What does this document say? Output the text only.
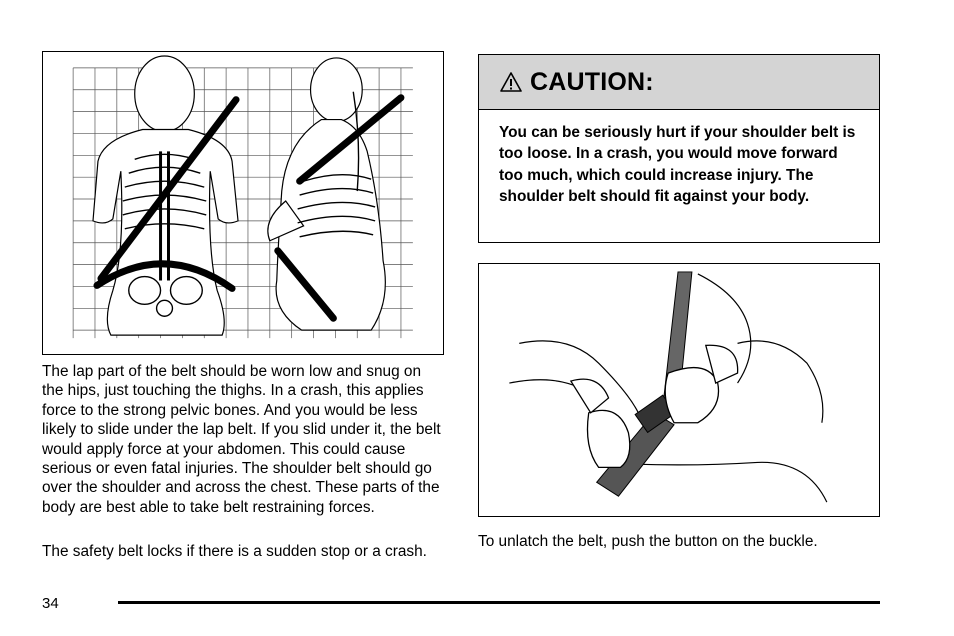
CAUTION:

You can be seriously hurt if your shoulder belt is too loose. In a crash, you would move forward too much, which could increase injury. The shoulder belt should fit against your body.

The lap part of the belt should be worn low and snug on the hips, just touching the thighs. In a crash, this applies force to the strong pelvic bones. And you would be less likely to slide under the lap belt. If you slid under it, the belt would apply force at your abdomen. This could cause serious or even fatal injuries. The shoulder belt should go over the shoulder and across the chest. These parts of the body are best able to take belt restraining forces.

The safety belt locks if there is a sudden stop or a crash.

To unlatch the belt, push the button on the buckle.

34
